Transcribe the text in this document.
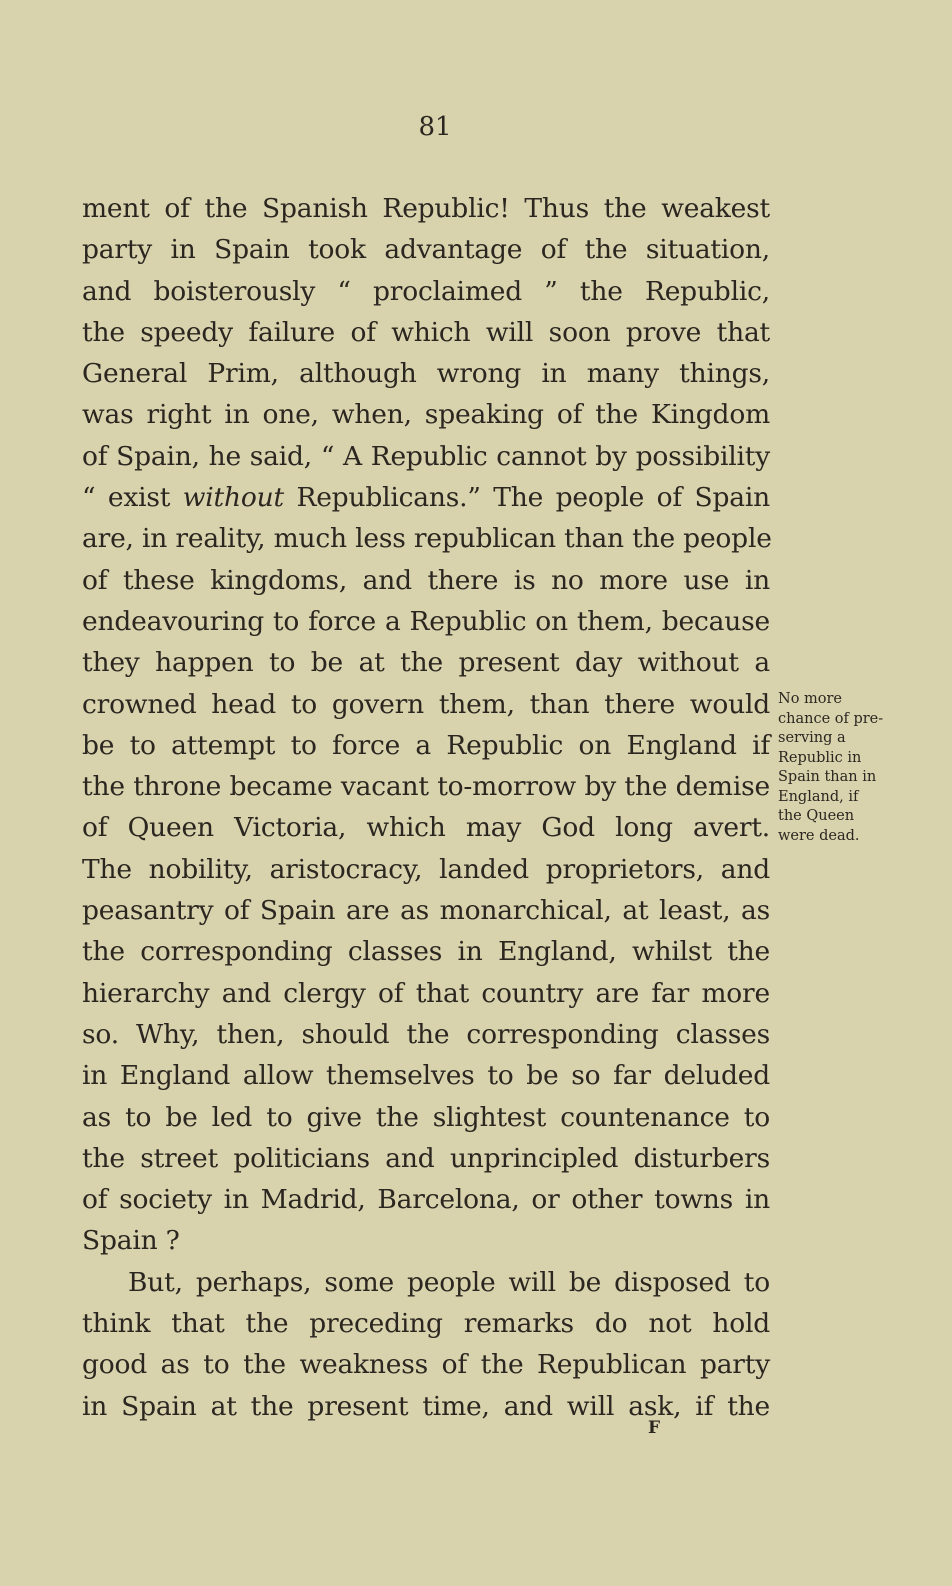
81
ment of the Spanish Republic! Thus the weakest
party in Spain took advantage of the situation,
and boisterously “ proclaimed ” the Republic,
the speedy failure of which will soon prove that
General Prim, although wrong in many things,
was right in one, when, speaking of the Kingdom
of Spain, he said, “ A Republic cannot by possibility
“ exist without Republicans.” The people of Spain
are, in reality, much less republican than the people
of these kingdoms, and there is no more use in
endeavouring to force a Republic on them, because
they happen to be at the present day without a
crowned head to govern them, than there would
be to attempt to force a Republic on England if
the throne became vacant to-morrow by the demise
of Queen Victoria, which may God long avert.
The nobility, aristocracy, landed proprietors, and
peasantry of Spain are as monarchical, at least, as
the corresponding classes in England, whilst the
hierarchy and clergy of that country are far more
so. Why, then, should the corresponding classes
in England allow themselves to be so far deluded
as to be led to give the slightest countenance to
the street politicians and unprincipled disturbers
of society in Madrid, Barcelona, or other towns in
Spain ?
But, perhaps, some people will be disposed to
think that the preceding remarks do not hold
good as to the weakness of the Republican party
in Spain at the present time, and will ask, if the
No more
chance of pre-
serving a
Republic in
Spain than in
England, if
the Queen
were dead.
F
